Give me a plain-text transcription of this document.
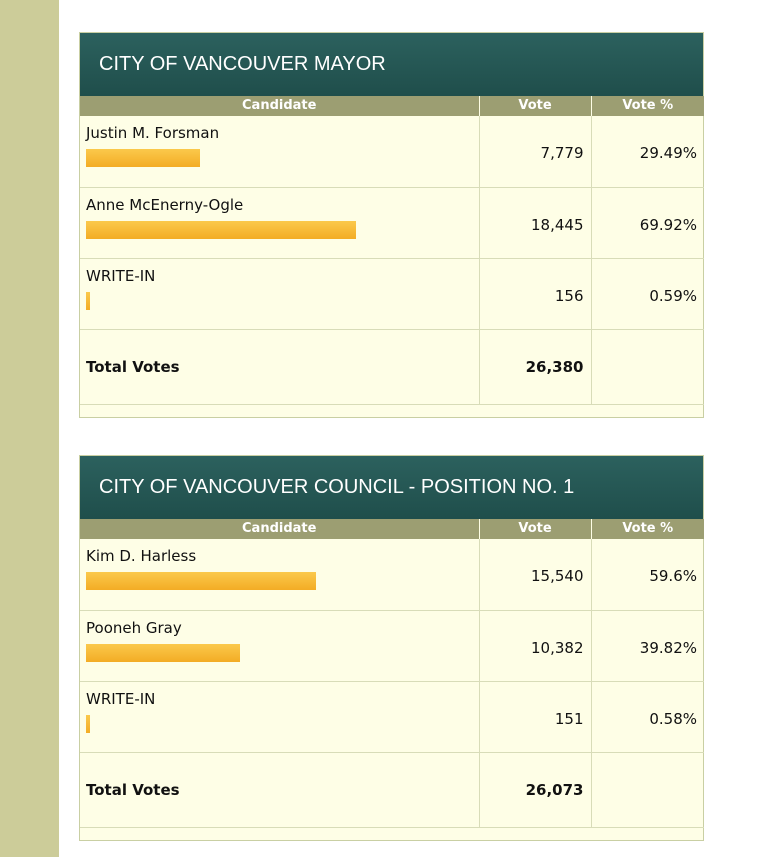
CITY OF VANCOUVER MAYOR
Candidate	Vote	Vote %

Justin M. Forsman	7,779	29.49%

Anne McEnerny-Ogle	18,445	69.92%

WRITE-IN	156	0.59%
Total Votes	26,380	

CITY OF VANCOUVER COUNCIL - POSITION NO. 1
Candidate	Vote	Vote %

Kim D. Harless	15,540	59.6%

Pooneh Gray	10,382	39.82%

WRITE-IN	151	0.58%
Total Votes	26,073	
